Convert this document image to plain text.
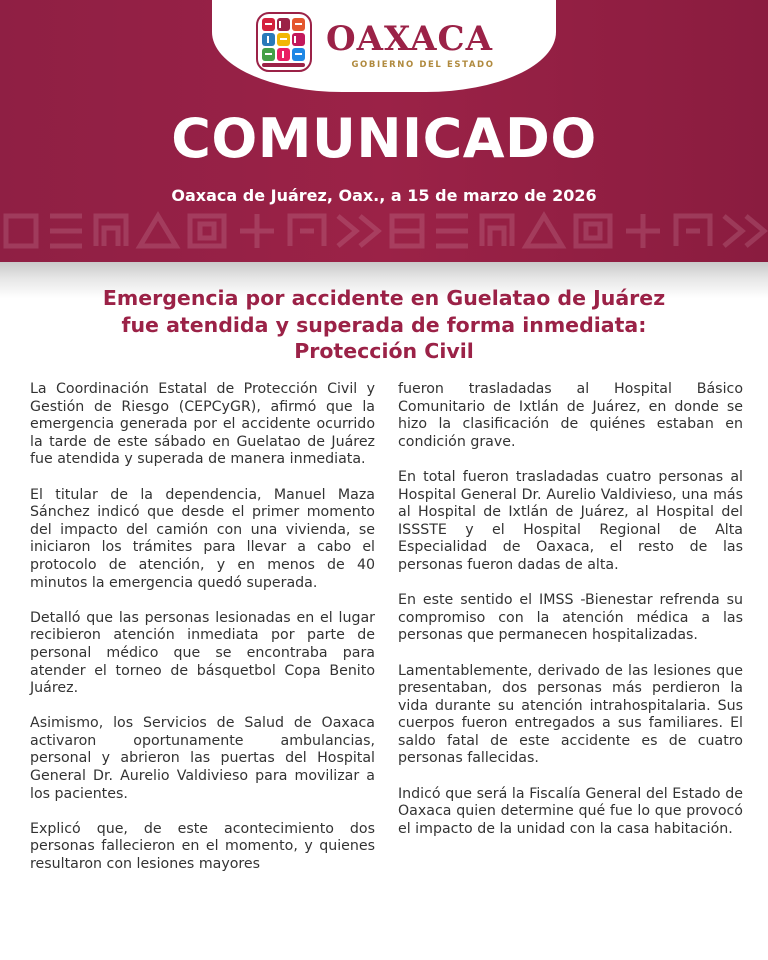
OAXACA
GOBIERNO DEL ESTADO
COMUNICADO
Oaxaca de Juárez, Oax., a 15 de marzo de 2026
Emergencia por accidente en Guelatao de Juárez fue atendida y superada de forma inmediata: Protección Civil

La Coordinación Estatal de Protección Civil y Gestión de Riesgo (CEPCyGR), afirmó que la emergencia generada por el accidente ocurrido la tarde de este sábado en Guelatao de Juárez fue atendida y superada de manera inmediata.

El titular de la dependencia, Manuel Maza Sánchez indicó que desde el primer momento del impacto del camión con una vivienda, se iniciaron los trámites para llevar a cabo el protocolo de atención, y en menos de 40 minutos la emergencia quedó superada.

Detalló que las personas lesionadas en el lugar recibieron atención inmediata por parte de personal médico que se encontraba para atender el torneo de básquetbol Copa Benito Juárez.

Asimismo, los Servicios de Salud de Oaxaca activaron oportunamente ambulancias, personal y abrieron las puertas del Hospital General Dr. Aurelio Valdivieso para movilizar a los pacientes.

Explicó que, de este acontecimiento dos personas fallecieron en el momento, y quienes resultaron con lesiones mayores

fueron trasladadas al Hospital Básico Comunitario de Ixtlán de Juárez, en donde se hizo la clasificación de quiénes estaban en condición grave.

En total fueron trasladadas cuatro personas al Hospital General Dr. Aurelio Valdivieso, una más al Hospital de Ixtlán de Juárez, al Hospital del ISSSTE y el Hospital Regional de Alta Especialidad de Oaxaca, el resto de las personas fueron dadas de alta.

En este sentido el IMSS -Bienestar refrenda su compromiso con la atención médica a las personas que permanecen hospitalizadas.

Lamentablemente, derivado de las lesiones que presentaban, dos personas más perdieron la vida durante su atención intrahospitalaria. Sus cuerpos fueron entregados a sus familiares. El saldo fatal de este accidente es de cuatro personas fallecidas.

Indicó que será la Fiscalía General del Estado de Oaxaca quien determine qué fue lo que provocó el impacto de la unidad con la casa habitación.
